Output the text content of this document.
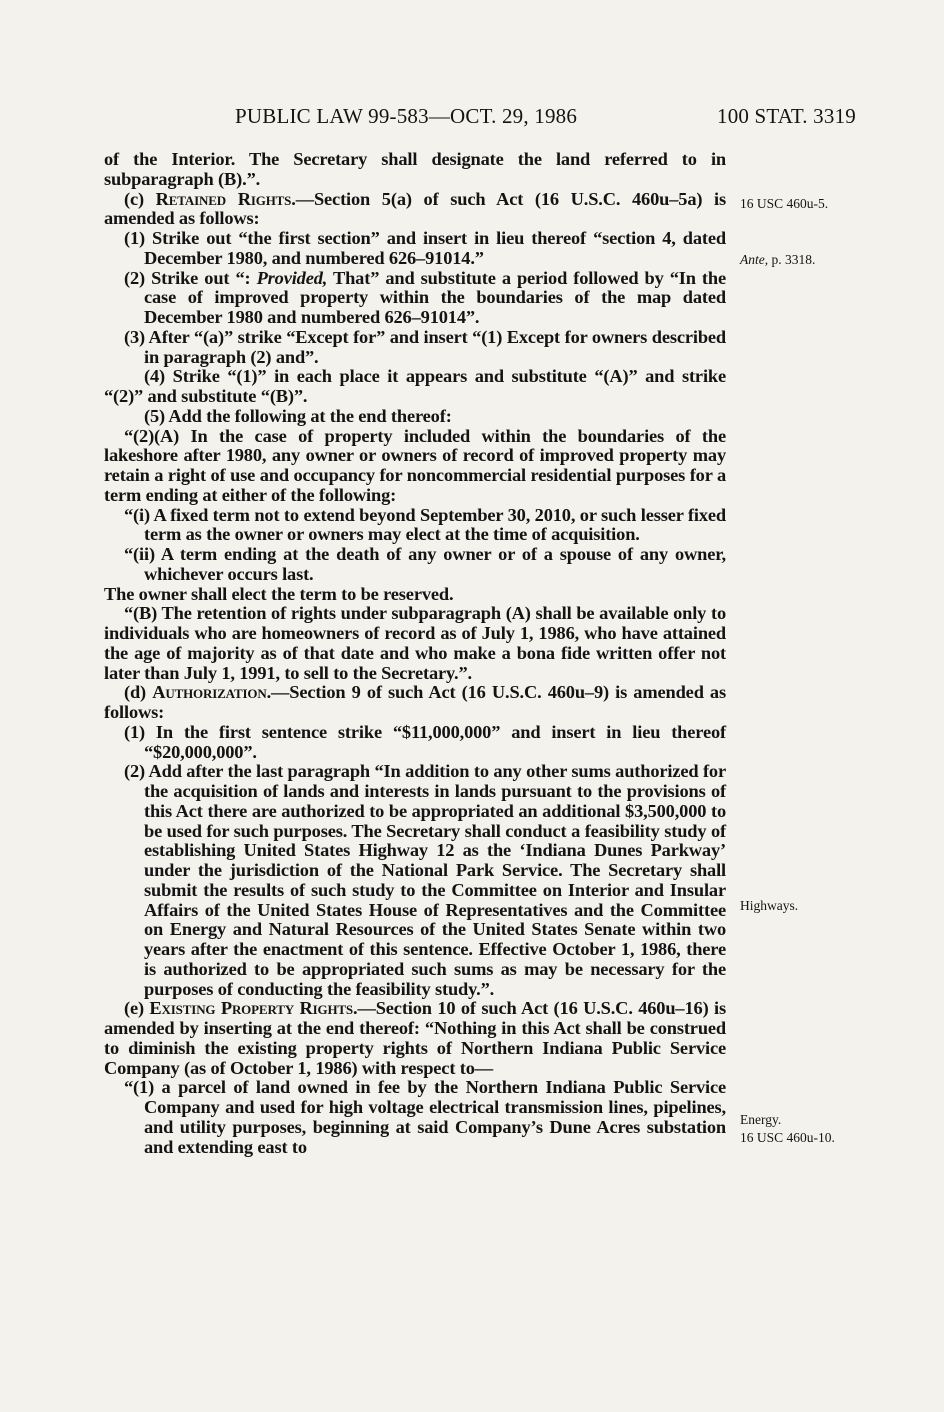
PUBLIC LAW 99-583—OCT. 29, 1986	100 STAT. 3319

of the Interior. The Secretary shall designate the land referred to in subparagraph (B).”.

(c) Retained Rights.—Section 5(a) of such Act (16 U.S.C. 460u–5a) is amended as follows:

(1) Strike out “the first section” and insert in lieu thereof “section 4, dated December 1980, and numbered 626–91014.”

(2) Strike out “: Provided, That” and substitute a period followed by “In the case of improved property within the boundaries of the map dated December 1980 and numbered 626–91014”.

(3) After “(a)” strike “Except for” and insert “(1) Except for owners described in paragraph (2) and”.

(4) Strike “(1)” in each place it appears and substitute “(A)” and strike “(2)” and substitute “(B)”.

(5) Add the following at the end thereof:

“(2)(A) In the case of property included within the boundaries of the lakeshore after 1980, any owner or owners of record of improved property may retain a right of use and occupancy for noncommercial residential purposes for a term ending at either of the following:

“(i) A fixed term not to extend beyond September 30, 2010, or such lesser fixed term as the owner or owners may elect at the time of acquisition.

“(ii) A term ending at the death of any owner or of a spouse of any owner, whichever occurs last.

The owner shall elect the term to be reserved.

“(B) The retention of rights under subparagraph (A) shall be available only to individuals who are homeowners of record as of July 1, 1986, who have attained the age of majority as of that date and who make a bona fide written offer not later than July 1, 1991, to sell to the Secretary.”.

(d) Authorization.—Section 9 of such Act (16 U.S.C. 460u–9) is amended as follows:

(1) In the first sentence strike “$11,000,000” and insert in lieu thereof “$20,000,000”.

(2) Add after the last paragraph “In addition to any other sums authorized for the acquisition of lands and interests in lands pursuant to the provisions of this Act there are authorized to be appropriated an additional $3,500,000 to be used for such purposes. The Secretary shall conduct a feasibility study of establishing United States Highway 12 as the ‘Indiana Dunes Parkway’ under the jurisdiction of the National Park Service. The Secretary shall submit the results of such study to the Committee on Interior and Insular Affairs of the United States House of Representatives and the Committee on Energy and Natural Resources of the United States Senate within two years after the enactment of this sentence. Effective October 1, 1986, there is authorized to be appropriated such sums as may be necessary for the purposes of conducting the feasibility study.”.

(e) Existing Property Rights.—Section 10 of such Act (16 U.S.C. 460u–16) is amended by inserting at the end thereof: “Nothing in this Act shall be construed to diminish the existing property rights of Northern Indiana Public Service Company (as of October 1, 1986) with respect to—

“(1) a parcel of land owned in fee by the Northern Indiana Public Service Company and used for high voltage electrical transmission lines, pipelines, and utility purposes, beginning at said Company’s Dune Acres substation and extending east to

16 USC 460u-5.
Ante, p. 3318.
Highways.
Energy.
16 USC 460u-10.
